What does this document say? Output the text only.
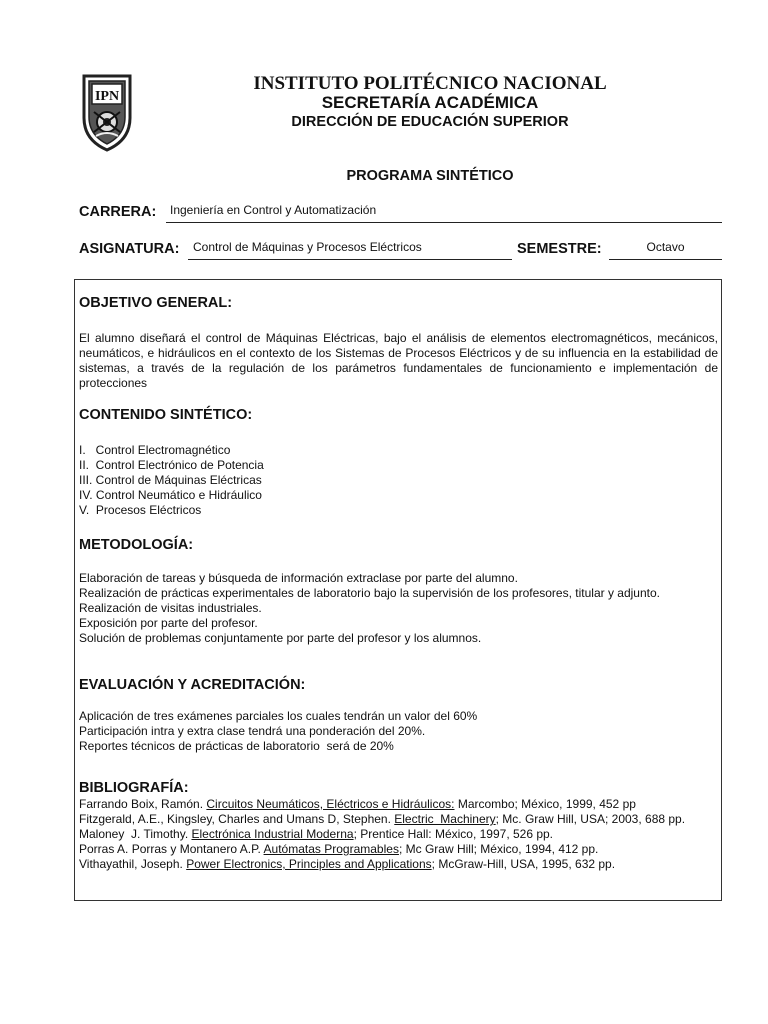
IPN
INSTITUTO POLITÉCNICO NACIONAL
SECRETARÍA ACADÉMICA
DIRECCIÓN DE EDUCACIÓN SUPERIOR
PROGRAMA SINTÉTICO
CARRERA: Ingeniería en Control y Automatización
ASIGNATURA: Control de Máquinas y Procesos Eléctricos	SEMESTRE:	Octavo
OBJETIVO GENERAL:
El alumno diseñará el control de Máquinas Eléctricas, bajo el análisis de elementos electromagnéticos, mecánicos, neumáticos, e hidráulicos en el contexto de los Sistemas de Procesos Eléctricos y de su influencia en la estabilidad de sistemas, a través de la regulación de los parámetros fundamentales de funcionamiento e implementación de protecciones
CONTENIDO SINTÉTICO:
I.   Control Electromagnético
II.  Control Electrónico de Potencia
III. Control de Máquinas Eléctricas
IV. Control Neumático e Hidráulico
V.  Procesos Eléctricos
METODOLOGÍA:
Elaboración de tareas y búsqueda de información extraclase por parte del alumno.
Realización de prácticas experimentales de laboratorio bajo la supervisión de los profesores, titular y adjunto.
Realización de visitas industriales.
Exposición por parte del profesor.
Solución de problemas conjuntamente por parte del profesor y los alumnos.
EVALUACIÓN Y ACREDITACIÓN:
Aplicación de tres exámenes parciales los cuales tendrán un valor del 60%
Participación intra y extra clase tendrá una ponderación del 20%.
Reportes técnicos de prácticas de laboratorio  será de 20%
BIBLIOGRAFÍA:
Farrando Boix, Ramón. Circuitos Neumáticos, Eléctricos e Hidráulicos: Marcombo; México, 1999, 452 pp
Fitzgerald, A.E., Kingsley, Charles and Umans D, Stephen. Electric  Machinery; Mc. Graw Hill, USA; 2003, 688 pp.
Maloney  J. Timothy. Electrónica Industrial Moderna; Prentice Hall: México, 1997, 526 pp.
Porras A. Porras y Montanero A.P. Autómatas Programables; Mc Graw Hill; México, 1994, 412 pp.
Vithayathil, Joseph. Power Electronics, Principles and Applications; McGraw-Hill, USA, 1995, 632 pp.
